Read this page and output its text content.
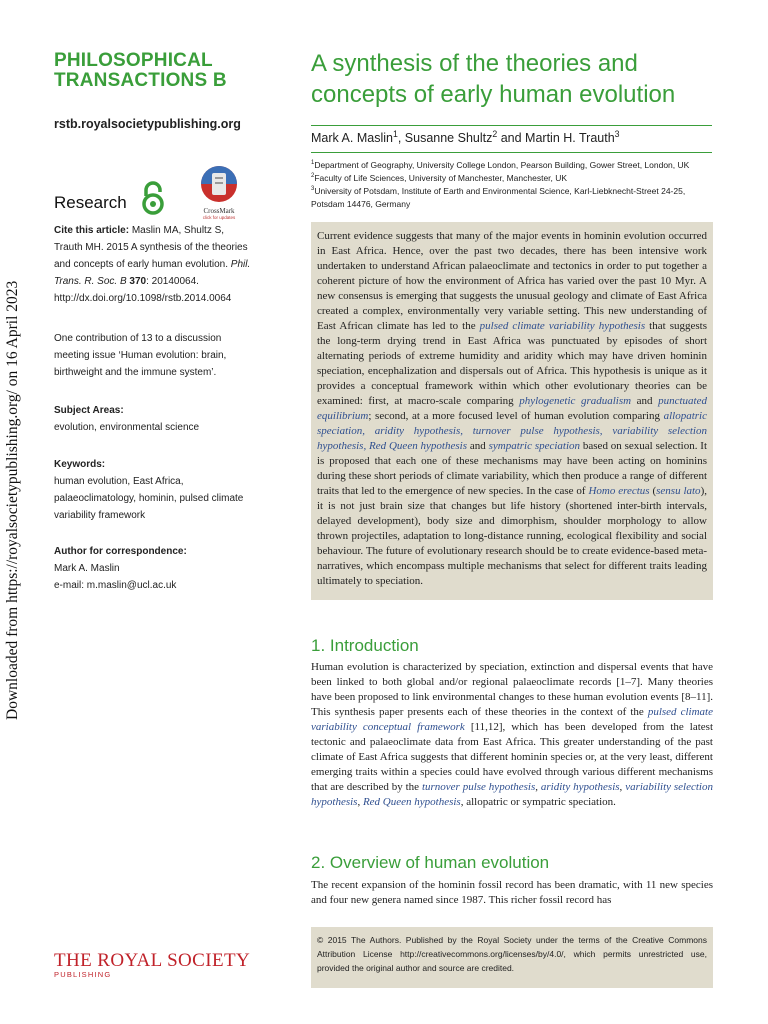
Downloaded from https://royalsocietypublishing.org/ on 16 April 2023
PHILOSOPHICAL
TRANSACTIONS B
rstb.royalsocietypublishing.org
Research	CrossMark
click for updates
Cite this article: Maslin MA, Shultz S, Trauth MH. 2015 A synthesis of the theories and concepts of early human evolution. Phil. Trans. R. Soc. B 370: 20140064.
http://dx.doi.org/10.1098/rstb.2014.0064
One contribution of 13 to a discussion meeting issue ‘Human evolution: brain, birthweight and the immune system’.
Subject Areas:
evolution, environmental science
Keywords:
human evolution, East Africa, palaeoclimatology, hominin, pulsed climate variability framework
Author for correspondence:
Mark A. Maslin
e-mail: m.maslin@ucl.ac.uk
A synthesis of the theories and concepts of early human evolution
Mark A. Maslin$^1$, Susanne Shultz$^2$ and Martin H. Trauth$^3$
$^1$Department of Geography, University College London, Pearson Building, Gower Street, London, UK
$^2$Faculty of Life Sciences, University of Manchester, Manchester, UK
$^3$University of Potsdam, Institute of Earth and Environmental Science, Karl-Liebknecht-Street 24-25, Potsdam 14476, Germany
Current evidence suggests that many of the major events in hominin evolution occurred in East Africa. Hence, over the past two decades, there has been intensive work undertaken to understand African palaeoclimate and tectonics in order to put together a coherent picture of how the environment of Africa has varied over the past 10 Myr. A new consensus is emerging that suggests the unusual geology and climate of East Africa created a complex, environmentally very variable setting. This new understanding of East African climate has led to the pulsed climate variability hypothesis that suggests the long-term drying trend in East Africa was punctuated by episodes of short alternating periods of extreme humidity and aridity which may have driven hominin speciation, encephalization and dispersals out of Africa. This hypothesis is unique as it provides a conceptual framework within which other evolutionary theories can be examined: first, at macro-scale comparing phylogenetic gradualism and punctuated equilibrium; second, at a more focused level of human evolution comparing allopatric speciation, aridity hypothesis, turnover pulse hypothesis, variability selection hypothesis, Red Queen hypothesis and sympatric speciation based on sexual selection. It is proposed that each one of these mechanisms may have been acting on hominins during these short periods of climate variability, which then produce a range of different traits that led to the emergence of new species. In the case of Homo erectus (sensu lato), it is not just brain size that changes but life history (shortened inter-birth intervals, delayed development), body size and dimorphism, shoulder morphology to allow thrown projectiles, adaptation to long-distance running, ecological flexibility and social behaviour. The future of evolutionary research should be to create evidence-based meta-narratives, which encompass multiple mechanisms that select for different traits leading ultimately to speciation.
1. Introduction
Human evolution is characterized by speciation, extinction and dispersal events that have been linked to both global and/or regional palaeoclimate records [1–7]. Many theories have been proposed to link environmental changes to these human evolution events [8–11]. This synthesis paper presents each of these theories in the context of the pulsed climate variability conceptual framework [11,12], which has been developed from the latest tectonic and palaeoclimate data from East Africa. This greater understanding of the past climate of East Africa suggests that different hominin species or, at the very least, different emerging traits within a species could have evolved through various different mechanisms that are described by the turnover pulse hypothesis, aridity hypothesis, variability selection hypothesis, Red Queen hypothesis, allopatric or sympatric speciation.
2. Overview of human evolution
The recent expansion of the hominin fossil record has been dramatic, with 11 new species and four new genera named since 1987. This richer fossil record has
© 2015 The Authors. Published by the Royal Society under the terms of the Creative Commons Attribution License http://creativecommons.org/licenses/by/4.0/, which permits unrestricted use, provided the original author and source are credited.
THE ROYAL SOCIETY
PUBLISHING
